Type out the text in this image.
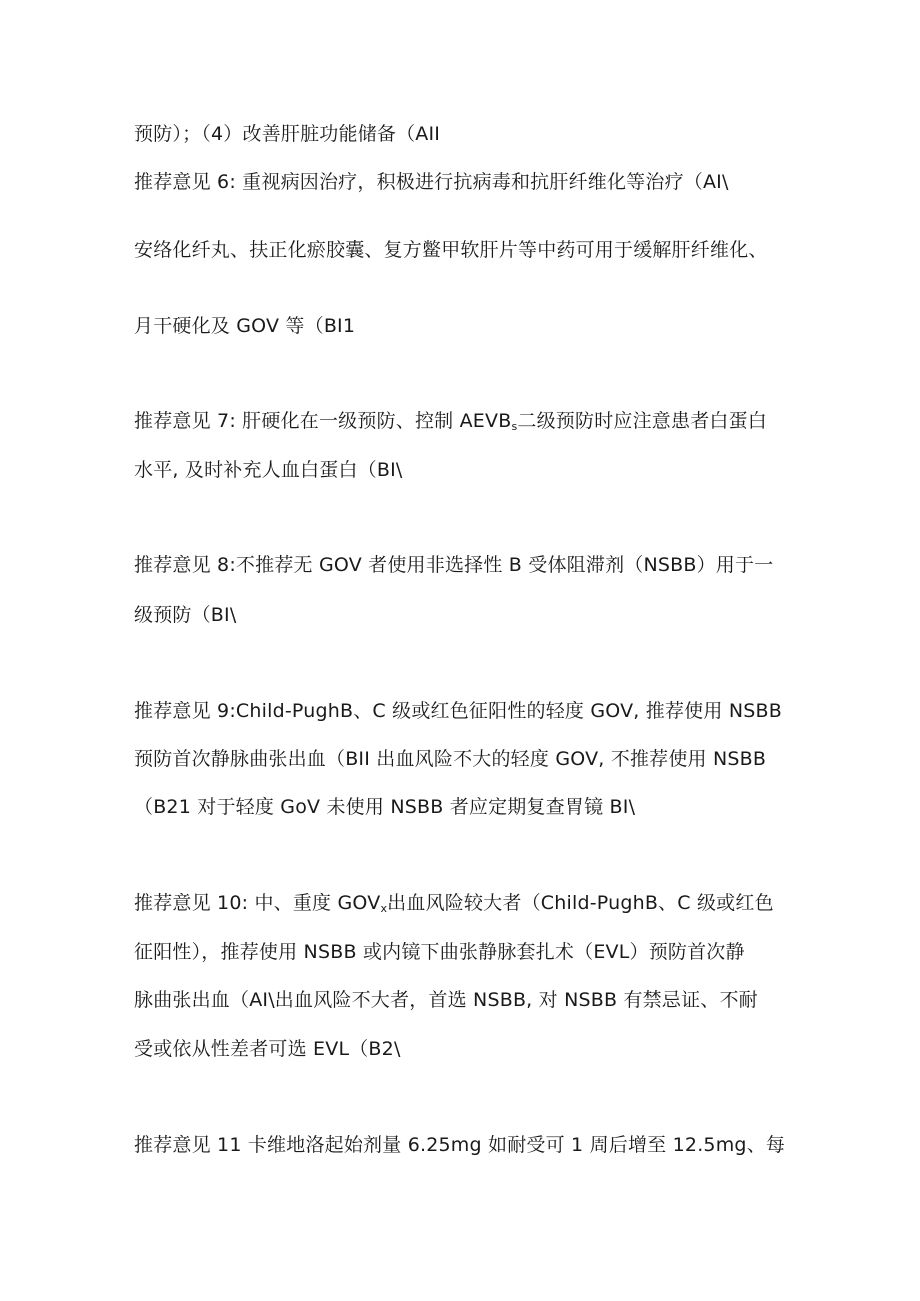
预防）；（4）改善肝脏功能储备（AII
推荐意见 6: 重视病因治疗，积极进行抗病毒和抗肝纤维化等治疗（AI\
安络化纤丸、扶正化瘀胶囊、复方鳖甲软肝片等中药可用于缓解肝纤维化、
月干硬化及 GOV 等（BI1
推荐意见 7: 肝硬化在一级预防、控制 $AEVB_s$二级预防时应注意患者白蛋白
水平, 及时补充人血白蛋白（BI\
推荐意见 8:不推荐无 GOV 者使用非选择性 B 受体阻滞剂（NSBB）用于一
级预防（BI\
推荐意见 9:Child-PughB、C 级或红色征阳性的轻度 GOV, 推荐使用 NSBB
预防首次静脉曲张出血（BII 出血风险不大的轻度 GOV, 不推荐使用 NSBB
（B21 对于轻度 GoV 未使用 NSBB 者应定期复查胃镜 BI\
推荐意见 10: 中、重度 $GOV_x$出血风险较大者（Child-PughB、C 级或红色
征阳性），推荐使用 NSBB 或内镜下曲张静脉套扎术（EVL）预防首次静
脉曲张出血（AI\出血风险不大者，首选 NSBB, 对 NSBB 有禁忌证、不耐
受或依从性差者可选 EVL（B2\
推荐意见 11 卡维地洛起始剂量 6.25mg 如耐受可 1 周后增至 12.5mg、每
